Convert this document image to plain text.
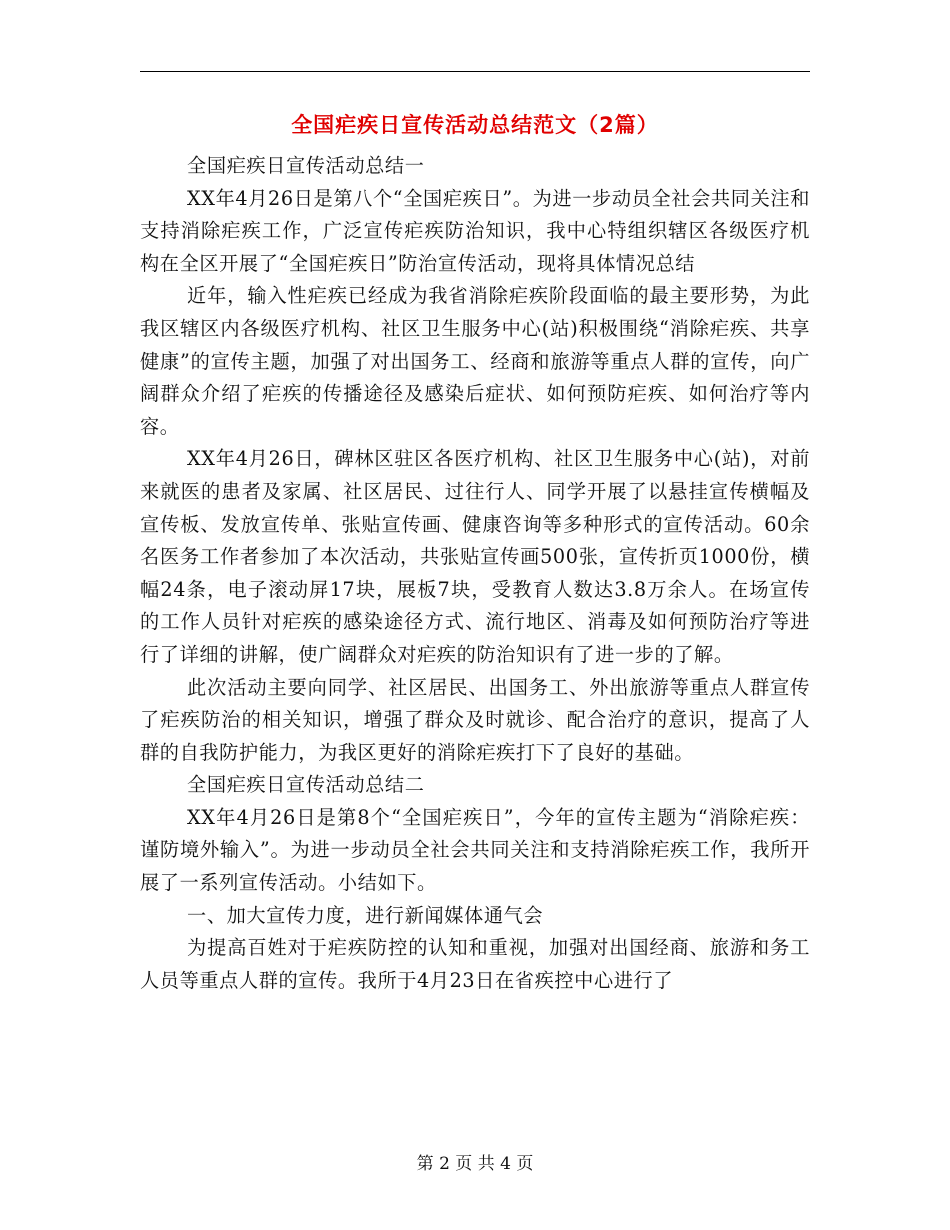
全国疟疾日宣传活动总结范文（2篇）

全国疟疾日宣传活动总结一

XX年4月26日是第八个“全国疟疾日”。为进一步动员全社会共同关注和支持消除疟疾工作，广泛宣传疟疾防治知识，我中心特组织辖区各级医疗机构在全区开展了“全国疟疾日”防治宣传活动，现将具体情况总结

近年，输入性疟疾已经成为我省消除疟疾阶段面临的最主要形势，为此我区辖区内各级医疗机构、社区卫生服务中心(站)积极围绕“消除疟疾、共享健康”的宣传主题，加强了对出国务工、经商和旅游等重点人群的宣传，向广阔群众介绍了疟疾的传播途径及感染后症状、如何预防疟疾、如何治疗等内容。

XX年4月26日，碑林区驻区各医疗机构、社区卫生服务中心(站)，对前来就医的患者及家属、社区居民、过往行人、同学开展了以悬挂宣传横幅及宣传板、发放宣传单、张贴宣传画、健康咨询等多种形式的宣传活动。60余名医务工作者参加了本次活动，共张贴宣传画500张，宣传折页1000份，横幅24条，电子滚动屏17块，展板7块，受教育人数达3.8万余人。在场宣传的工作人员针对疟疾的感染途径方式、流行地区、消毒及如何预防治疗等进行了详细的讲解，使广阔群众对疟疾的防治知识有了进一步的了解。

此次活动主要向同学、社区居民、出国务工、外出旅游等重点人群宣传了疟疾防治的相关知识，增强了群众及时就诊、配合治疗的意识，提高了人群的自我防护能力，为我区更好的消除疟疾打下了良好的基础。

全国疟疾日宣传活动总结二

XX年4月26日是第8个“全国疟疾日”，今年的宣传主题为“消除疟疾：谨防境外输入”。为进一步动员全社会共同关注和支持消除疟疾工作，我所开展了一系列宣传活动。小结如下。

一、加大宣传力度，进行新闻媒体通气会

为提高百姓对于疟疾防控的认知和重视，加强对出国经商、旅游和务工人员等重点人群的宣传。我所于4月23日在省疾控中心进行了

第 2 页 共 4 页
